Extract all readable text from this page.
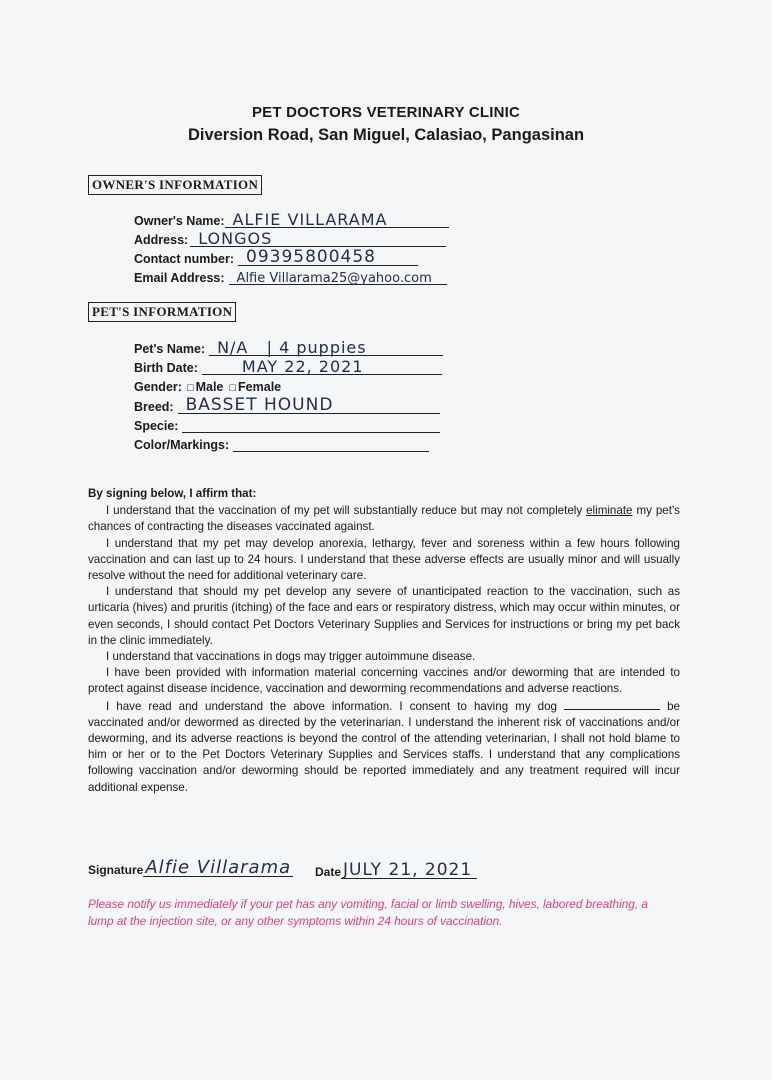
PET DOCTORS VETERINARY CLINIC
Diversion Road, San Miguel, Calasiao, Pangasinan
OWNER'S INFORMATION
Owner's Name: ALFIE VILLARAMA
Address: LONGOS
Contact number: 09395800458
Email Address: Alfie Villarama25@yahoo.com
PET'S INFORMATION
Pet's Name: N/A   | 4 puppies
Birth Date:	MAY 22, 2021
Gender: □ Male □ Female
Breed: BASSET HOUND
Specie:
Color/Markings:
By signing below, I affirm that:

I understand that the vaccination of my pet will substantially reduce but may not completely eliminate my pet's chances of contracting the diseases vaccinated against.

I understand that my pet may develop anorexia, lethargy, fever and soreness within a few hours following vaccination and can last up to 24 hours. I understand that these adverse effects are usually minor and will usually resolve without the need for additional veterinary care.

I understand that should my pet develop any severe of unanticipated reaction to the vaccination, such as urticaria (hives) and pruritis (itching) of the face and ears or respiratory distress, which may occur within minutes, or even seconds, I should contact Pet Doctors Veterinary Supplies and Services for instructions or bring my pet back in the clinic immediately.

I understand that vaccinations in dogs may trigger autoimmune disease.

I have been provided with information material concerning vaccines and/or deworming that are intended to protect against disease incidence, vaccination and deworming recommendations and adverse reactions.

I have read and understand the above information. I consent to having my dog	be vaccinated and/or dewormed as directed by the veterinarian. I understand the inherent risk of vaccinations and/or deworming, and its adverse reactions is beyond the control of the attending veterinarian, I shall not hold blame to him or her or to the Pet Doctors Veterinary Supplies and Services staffs. I understand that any complications following vaccination and/or deworming should be reported immediately and any treatment required will incur additional expense.

Signature Alfie Villarama Date JULY 21, 2021
Please notify us immediately if your pet has any vomiting, facial or limb swelling, hives, labored breathing, a lump at the injection site, or any other symptoms within 24 hours of vaccination.
